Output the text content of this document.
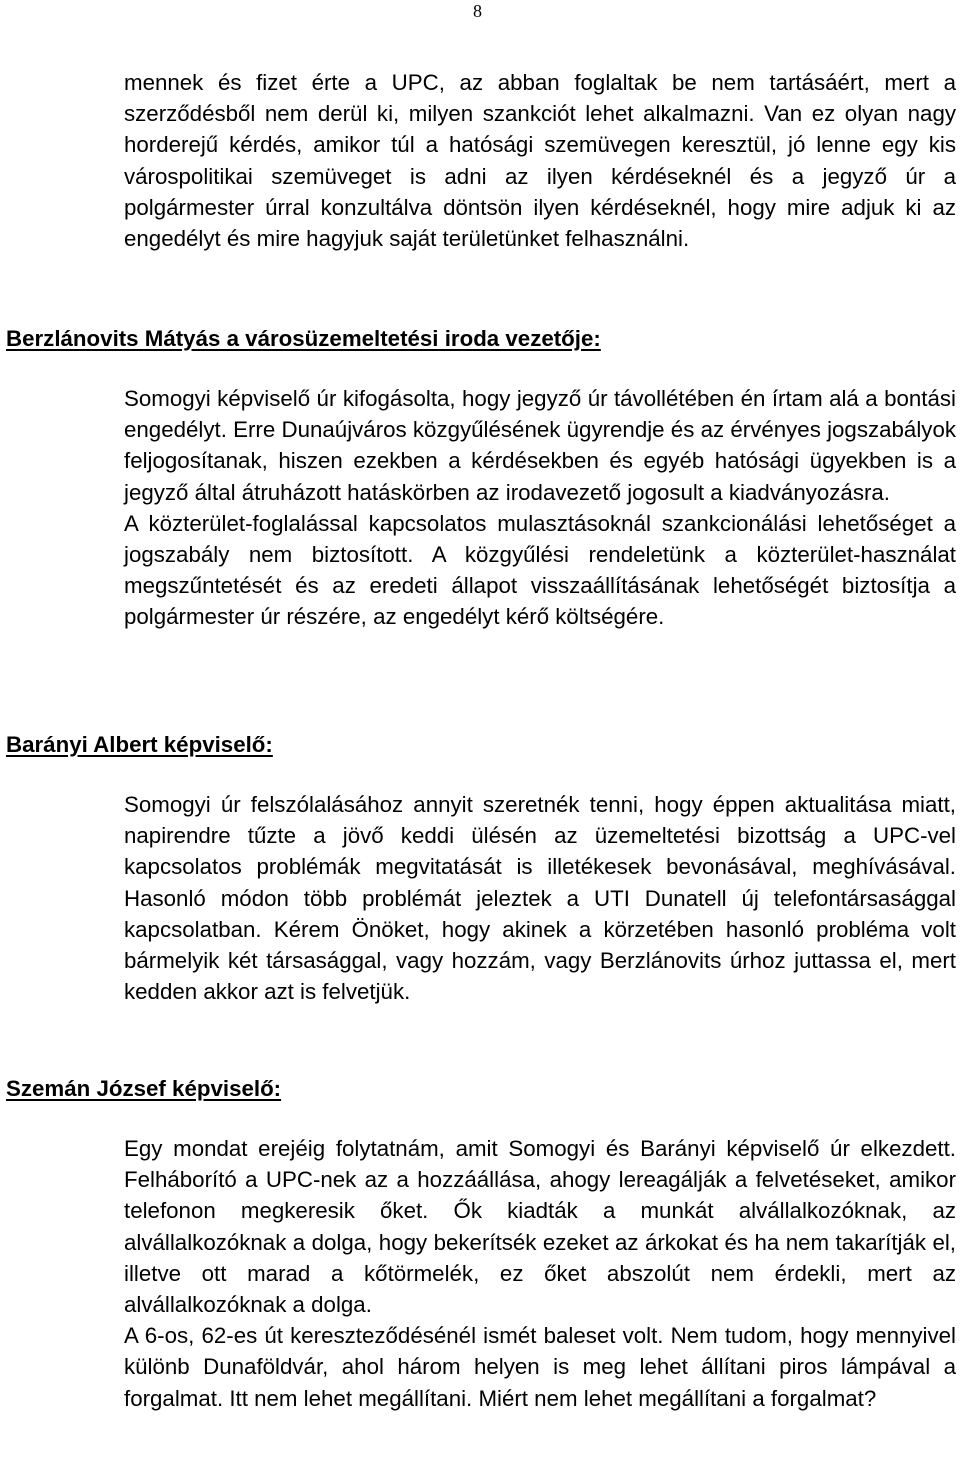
8

mennek és fizet érte a UPC, az abban foglaltak be nem tartásáért, mert a szerződésből nem derül ki, milyen szankciót lehet alkalmazni. Van ez olyan nagy horderejű kérdés, amikor túl a hatósági szemüvegen keresztül, jó lenne egy kis várospolitikai szemüveget is adni az ilyen kérdéseknél és a jegyző úr a polgármester úrral konzultálva döntsön ilyen kérdéseknél, hogy mire adjuk ki az engedélyt és mire hagyjuk saját területünket felhasználni.

Berzlánovits Mátyás a városüzemeltetési iroda vezetője:

Somogyi képviselő úr kifogásolta, hogy jegyző úr távollétében én írtam alá a bontási engedélyt. Erre Dunaújváros közgyűlésének ügyrendje és az érvényes jogszabályok feljogosítanak, hiszen ezekben a kérdésekben és egyéb hatósági ügyekben is a jegyző által átruházott hatáskörben az irodavezető jogosult a kiadványozásra.

A közterület-foglalással kapcsolatos mulasztásoknál szankcionálási lehetőséget a jogszabály nem biztosított. A közgyűlési rendeletünk a közterület-használat megszűntetését és az eredeti állapot visszaállításának lehetőségét biztosítja a polgármester úr részére, az engedélyt kérő költségére.

Barányi Albert képviselő:

Somogyi úr felszólalásához annyit szeretnék tenni, hogy éppen aktualitása miatt, napirendre tűzte a jövő keddi ülésén az üzemeltetési bizottság a UPC-vel kapcsolatos problémák megvitatását is illetékesek bevonásával, meghívásával. Hasonló módon több problémát jeleztek a UTI Dunatell új telefontársasággal kapcsolatban. Kérem Önöket, hogy akinek a körzetében hasonló probléma volt bármelyik két társasággal, vagy hozzám, vagy Berzlánovits úrhoz juttassa el, mert kedden akkor azt is felvetjük.

Szemán József képviselő:

Egy mondat erejéig folytatnám, amit Somogyi és Barányi képviselő úr elkezdett. Felháborító a UPC-nek az a hozzáállása, ahogy lereagálják a felvetéseket, amikor telefonon megkeresik őket. Ők kiadták a munkát alvállalkozóknak, az alvállalkozóknak a dolga, hogy bekerítsék ezeket az árkokat és ha nem takarítják el, illetve ott marad a kőtörmelék, ez őket abszolút nem érdekli, mert az alvállalkozóknak a dolga.

A 6-os, 62-es út kereszteződésénél ismét baleset volt. Nem tudom, hogy mennyivel különb Dunaföldvár, ahol három helyen is meg lehet állítani piros lámpával a forgalmat. Itt nem lehet megállítani. Miért nem lehet megállítani a forgalmat?
